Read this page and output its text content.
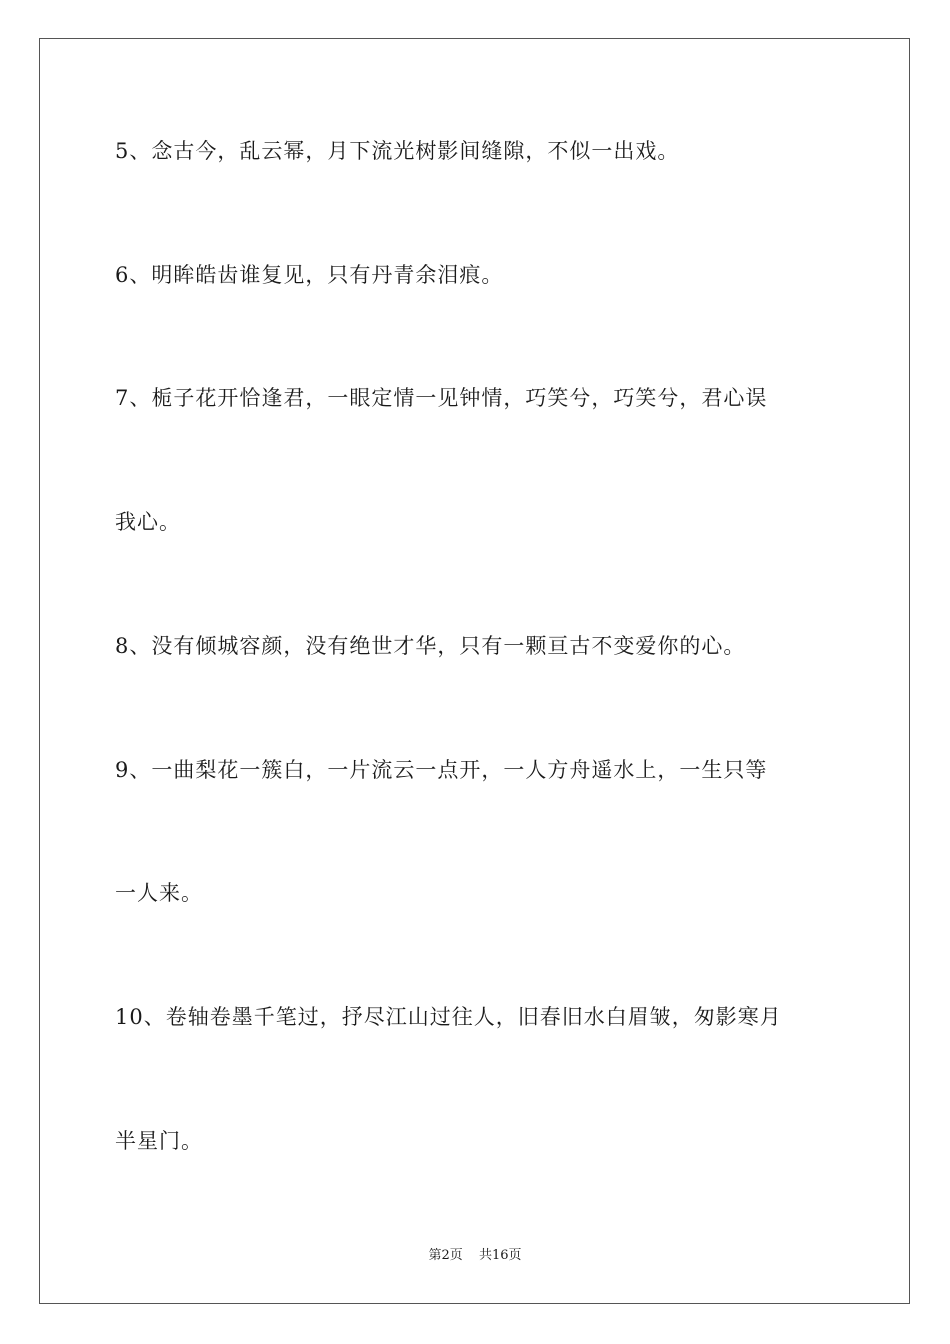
5、念古今，乱云幂，月下流光树影间缝隙，不似一出戏。
6、明眸皓齿谁复见，只有丹青余泪痕。
7、栀子花开恰逢君，一眼定情一见钟情，巧笑兮，巧笑兮，君心误
我心。
8、没有倾城容颜，没有绝世才华，只有一颗亘古不变爱你的心。
9、一曲梨花一簇白，一片流云一点开，一人方舟遥水上，一生只等
一人来。
10、卷轴卷墨千笔过，抒尽江山过往人，旧春旧水白眉皱，匆影寒月
半星门。
第2页 共16页
